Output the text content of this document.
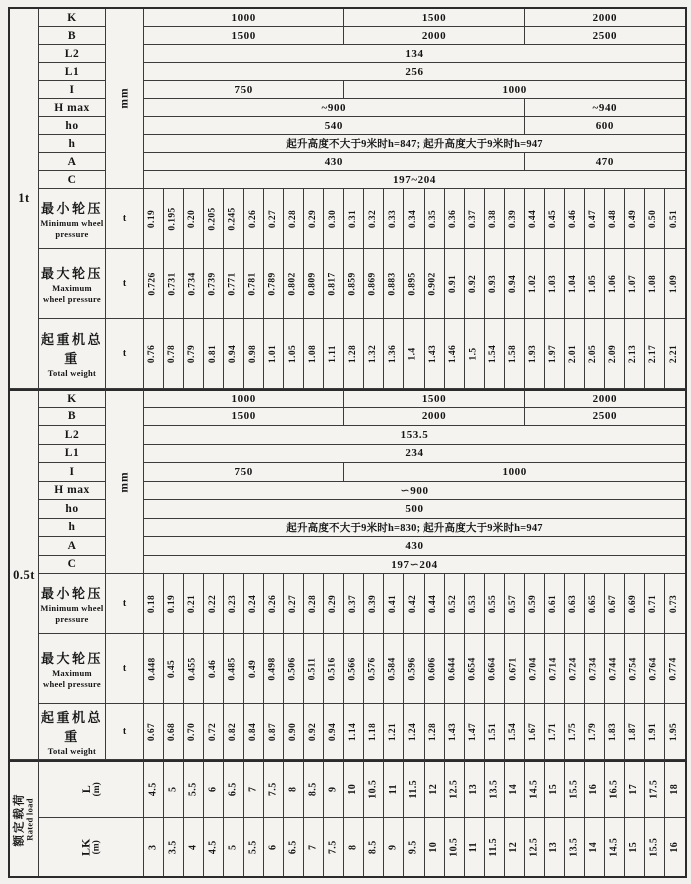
1t
mm
K	1000	1500	2000
B	1500	2000	2500
L2	134
L1	256
I	750	1000
H max	~900	~940
ho	540	600
h	起升高度不大于9米时h=847; 起升高度大于9米时h=947
A	430	470
C	197~204
最小轮压
Minimum wheel pressure
t	0.19 0.195 0.20 0.205 0.245 0.26 0.27 0.28 0.29 0.30 0.31 0.32 0.33 0.34 0.35 0.36 0.37 0.38 0.39 0.44 0.45 0.46 0.47 0.48 0.49 0.50 0.51
最大轮压
Maximum wheel pressure
t	0.726 0.731 0.734 0.739 0.771 0.781 0.789 0.802 0.809 0.817 0.859 0.869 0.883 0.895 0.902 0.91 0.92 0.93 0.94 1.02 1.03 1.04 1.05 1.06 1.07 1.08 1.09
起重机总重
Total weight
t	0.76 0.78 0.79 0.81 0.94 0.98 1.01 1.05 1.08 1.11 1.28 1.32 1.36 1.4 1.43 1.46 1.5 1.54 1.58 1.93 1.97 2.01 2.05 2.09 2.13 2.17 2.21
0.5t
mm
K	1000	1500	2000
B	1500	2000	2500
L2	153.5
L1	234
I	750	1000
H max	∽900
ho	500
h	起升高度不大于9米时h=830; 起升高度大于9米时h=947
A	430
C	197∽204
最小轮压
Minimum wheel pressure
t	0.18 0.19 0.21 0.22 0.23 0.24 0.26 0.27 0.28 0.29 0.37 0.39 0.41 0.42 0.44 0.52 0.53 0.55 0.57 0.59 0.61 0.63 0.65 0.67 0.69 0.71 0.73
最大轮压
Maximum wheel pressure
t	0.448 0.45 0.455 0.46 0.485 0.49 0.498 0.506 0.511 0.516 0.566 0.576 0.584 0.596 0.606 0.644 0.654 0.664 0.671 0.704 0.714 0.724 0.734 0.744 0.754 0.764 0.774
起重机总重
Total weight
t	0.67 0.68 0.70 0.72 0.82 0.84 0.87 0.90 0.92 0.94 1.14 1.18 1.21 1.24 1.28 1.43 1.47 1.51 1.54 1.67 1.71 1.75 1.79 1.83 1.87 1.91 1.95
额定载荷 Rated load
L
(m)	4.5 5 5.5 6 6.5 7 7.5 8 8.5 9 10 10.5 11 11.5 12 12.5 13 13.5 14 14.5 15 15.5 16 16.5 17 17.5 18
LK
(m)	3 3.5 4 4.5 5 5.5 6 6.5 7 7.5 8 8.5 9 9.5 10 10.5 11 11.5 12 12.5 13 13.5 14 14.5 15 15.5 16
